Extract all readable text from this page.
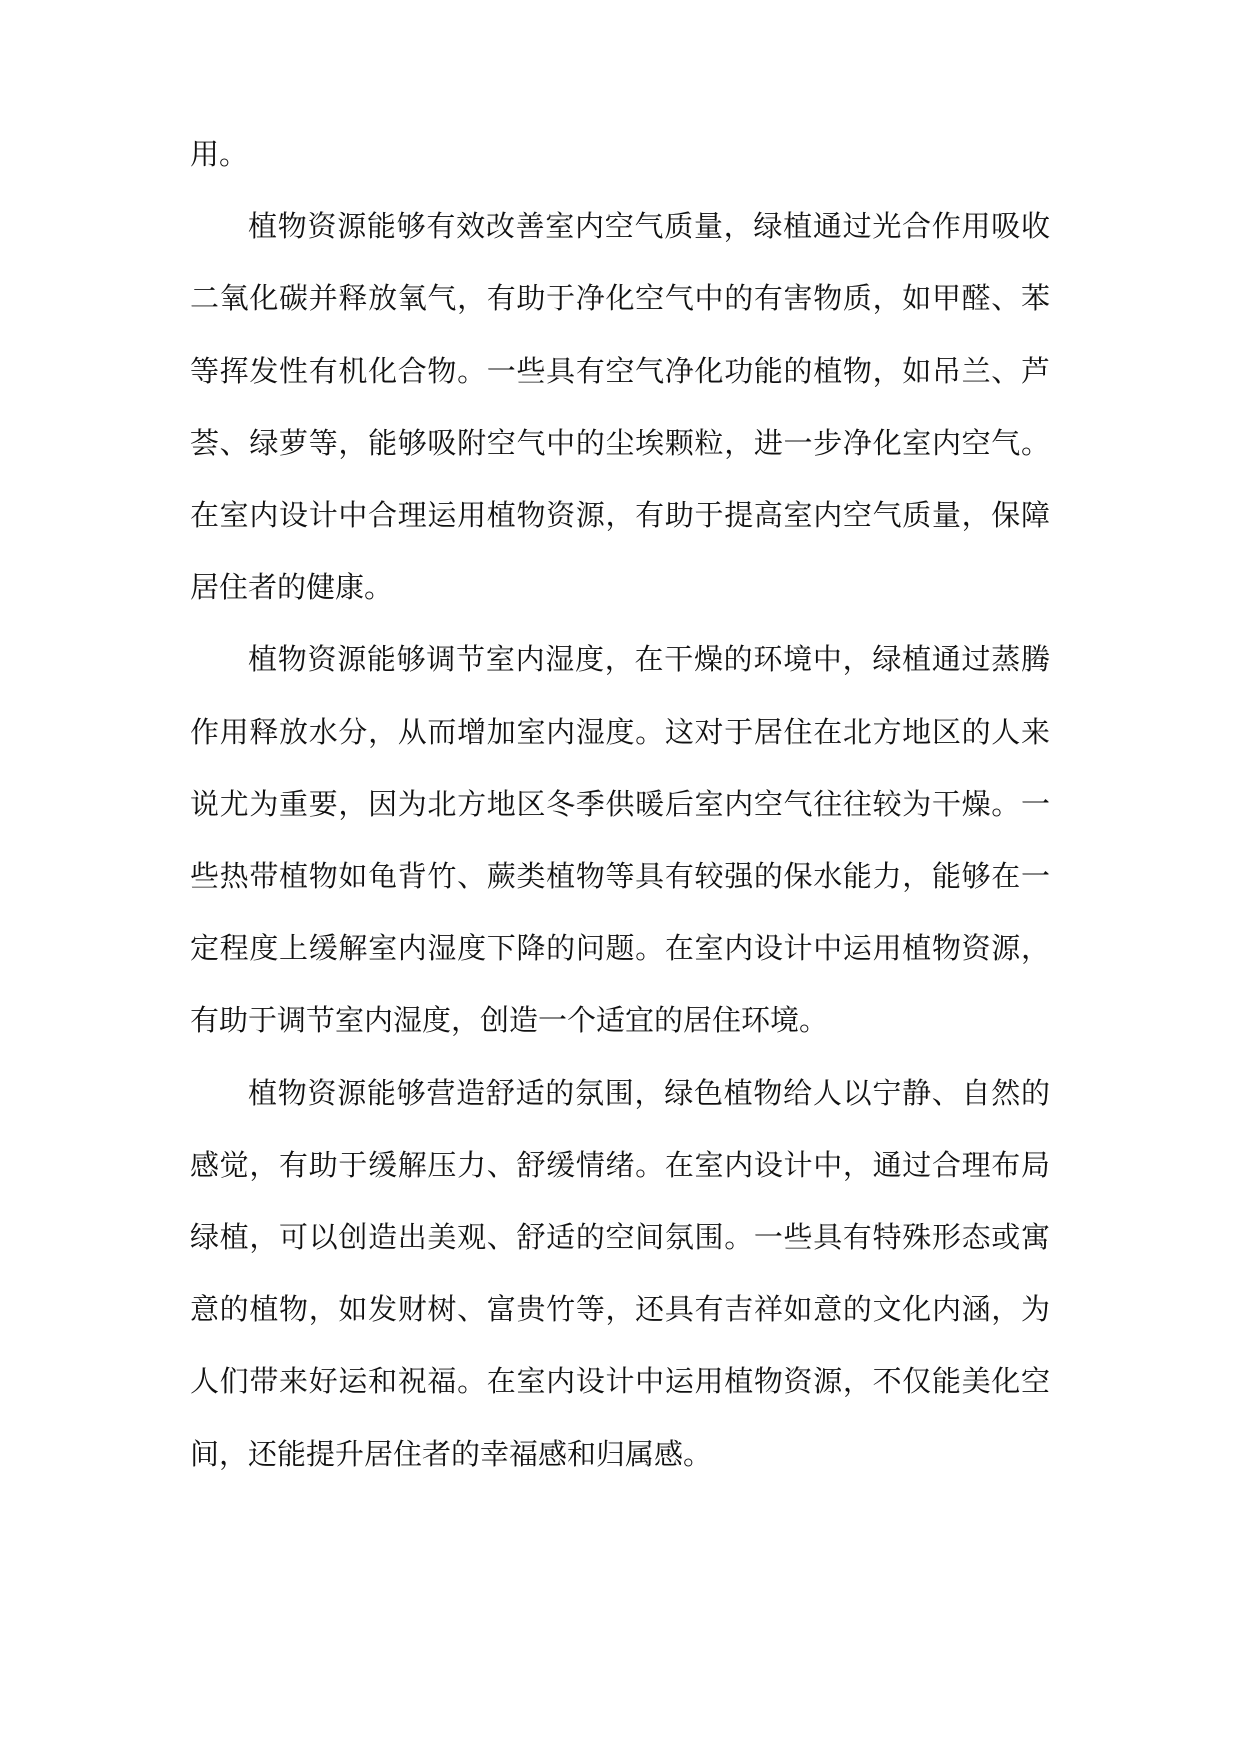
用。

植物资源能够有效改善室内空气质量，绿植通过光合作用吸收二氧化碳并释放氧气，有助于净化空气中的有害物质，如甲醛、苯等挥发性有机化合物。一些具有空气净化功能的植物，如吊兰、芦荟、绿萝等，能够吸附空气中的尘埃颗粒，进一步净化室内空气。在室内设计中合理运用植物资源，有助于提高室内空气质量，保障居住者的健康。

植物资源能够调节室内湿度，在干燥的环境中，绿植通过蒸腾作用释放水分，从而增加室内湿度。这对于居住在北方地区的人来说尤为重要，因为北方地区冬季供暖后室内空气往往较为干燥。一些热带植物如龟背竹、蕨类植物等具有较强的保水能力，能够在一定程度上缓解室内湿度下降的问题。在室内设计中运用植物资源，有助于调节室内湿度，创造一个适宜的居住环境。

植物资源能够营造舒适的氛围，绿色植物给人以宁静、自然的感觉，有助于缓解压力、舒缓情绪。在室内设计中，通过合理布局绿植，可以创造出美观、舒适的空间氛围。一些具有特殊形态或寓意的植物，如发财树、富贵竹等，还具有吉祥如意的文化内涵，为人们带来好运和祝福。在室内设计中运用植物资源，不仅能美化空间，还能提升居住者的幸福感和归属感。
